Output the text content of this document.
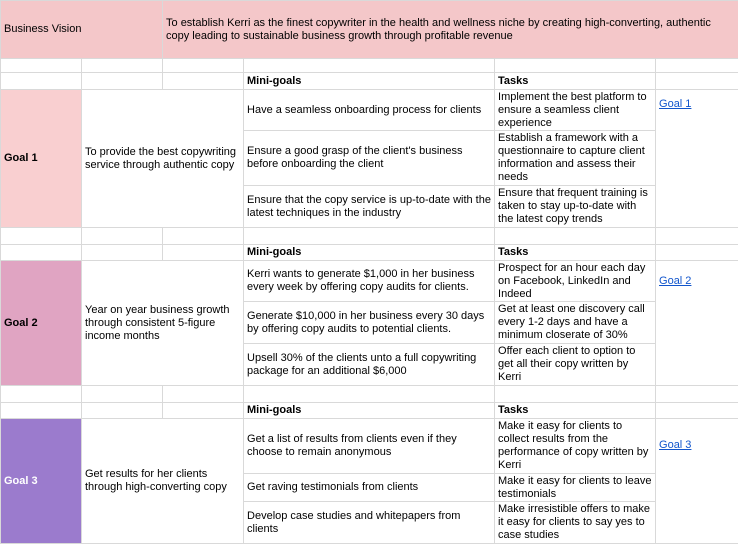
Business Vision		To establish Kerri as the finest copywriter in the health and wellness niche by creating high-converting, authentic copy leading to sustainable business growth through profitable revenue			

			Mini-goals	Tasks	
Goal 1	To provide the best copywriting service through authentic copy		Have a seamless onboarding process for clients	Implement the best platform to ensure a seamless client experience	Goal 1
			Ensure a good grasp of the client's business before onboarding the client	Establish a framework with a questionnaire to capture client information and assess their needs	
			Ensure that the copy service is up-to-date with the latest techniques in the industry	Ensure that frequent training is taken to stay up-to-date with the latest copy trends	

			Mini-goals	Tasks	
Goal 2	Year on year business growth through consistent 5-figure income months		Kerri wants to generate $1,000 in her business every week by offering copy audits for clients.	Prospect for an hour each day on Facebook, LinkedIn and Indeed	Goal 2
			Generate $10,000 in her business every 30 days by offering copy audits to potential clients.	Get at least one discovery call every 1-2 days and have a minimum closerate of 30%	
			Upsell 30% of the clients unto a full copywriting package for an additional $6,000	Offer each client to option to get all their copy written by Kerri	

			Mini-goals	Tasks	
Goal 3	Get results for her clients through high-converting copy		Get a list of results from clients even if they choose to remain anonymous	Make it easy for clients to collect results from the performance of copy written by Kerri	Goal 3
			Get raving testimonials from clients	Make it easy for clients to leave testimonials	
			Develop case studies and whitepapers from clients	Make irresistible offers to make it easy for clients to say yes to case studies	
